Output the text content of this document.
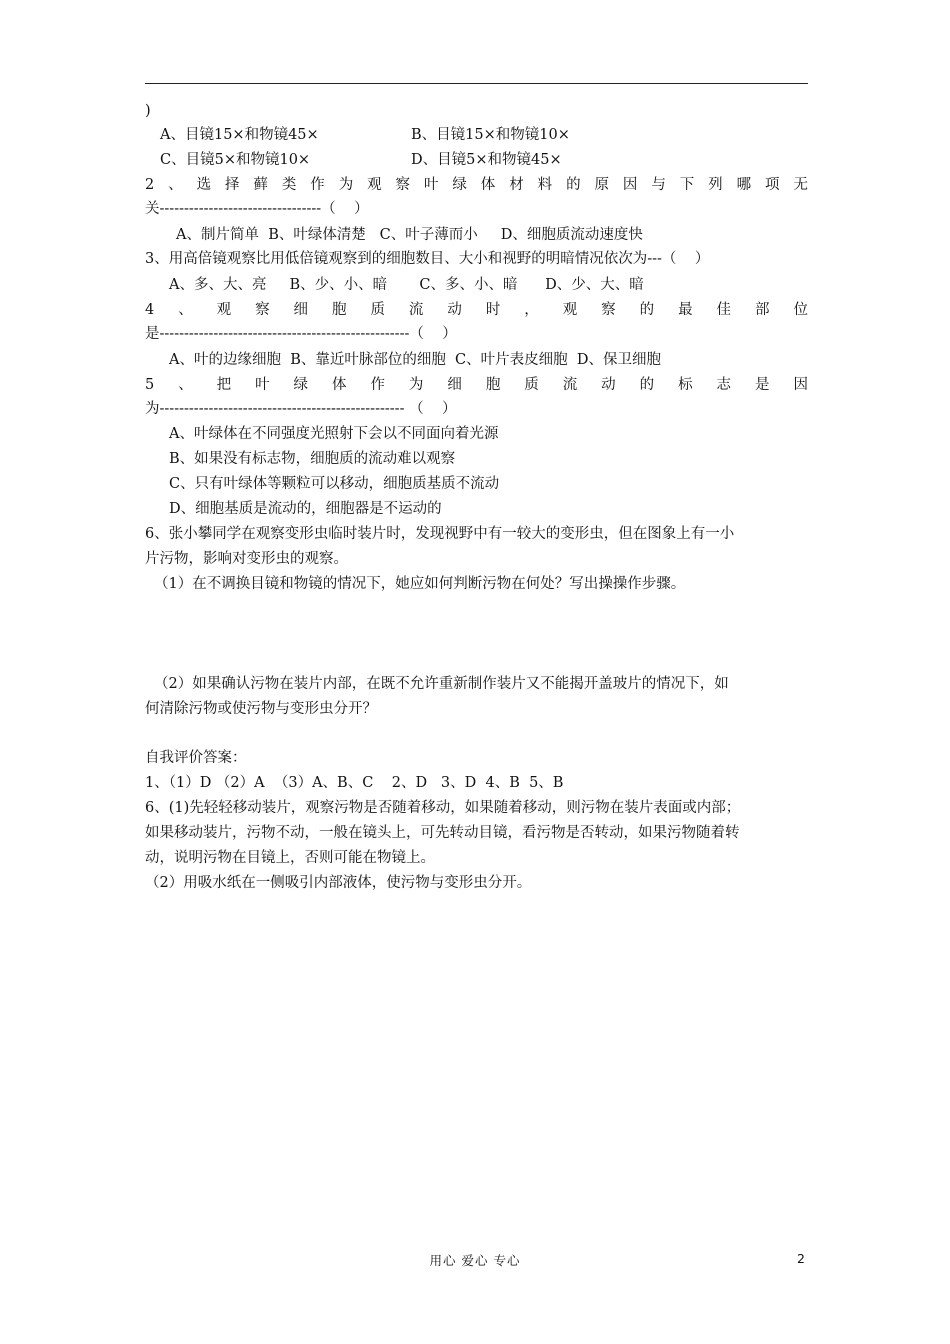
)
A、目镜15×和物镜45×	B、目镜15×和物镜10×
C、目镜5×和物镜10×	D、目镜5×和物镜45×
2 、 选 择 藓 类 作 为 观 察 叶 绿 体 材 料 的 原 因 与 下 列 哪 项 无
关---------------------------------（    ）
A、制片简单  B、叶绿体清楚   C、叶子薄而小     D、细胞质流动速度快
3、用高倍镜观察比用低倍镜观察到的细胞数目、大小和视野的明暗情况依次为---（    ）
A、多、大、亮     B、少、小、暗       C、多、小、暗      D、少、大、暗
4 、 观 察 细 胞 质 流 动 时 ， 观 察 的 最 佳 部 位
是---------------------------------------------------（    ）
A、叶的边缘细胞  B、靠近叶脉部位的细胞  C、叶片表皮细胞  D、保卫细胞
5 、 把 叶 绿 体 作 为 细 胞 质 流 动 的 标 志 是 因
为-------------------------------------------------- （    ）
A、叶绿体在不同强度光照射下会以不同面向着光源
B、如果没有标志物，细胞质的流动难以观察
C、只有叶绿体等颗粒可以移动，细胞质基质不流动
D、细胞基质是流动的，细胞器是不运动的
6、张小攀同学在观察变形虫临时装片时，发现视野中有一较大的变形虫，但在图象上有一小
片污物，影响对变形虫的观察。
（1）在不调换目镜和物镜的情况下，她应如何判断污物在何处？写出操操作步骤。
（2）如果确认污物在装片内部，在既不允许重新制作装片又不能揭开盖玻片的情况下，如
何清除污物或使污物与变形虫分开？
自我评价答案：
1、（1）D （2）A  （3）A、B、C    2、D   3、D  4、B  5、B
6、(1)先轻轻移动装片，观察污物是否随着移动，如果随着移动，则污物在装片表面或内部；
如果移动装片，污物不动，一般在镜头上，可先转动目镜，看污物是否转动，如果污物随着转
动，说明污物在目镜上，否则可能在物镜上。
（2）用吸水纸在一侧吸引内部液体，使污物与变形虫分开。
用心 爱心 专心	2
